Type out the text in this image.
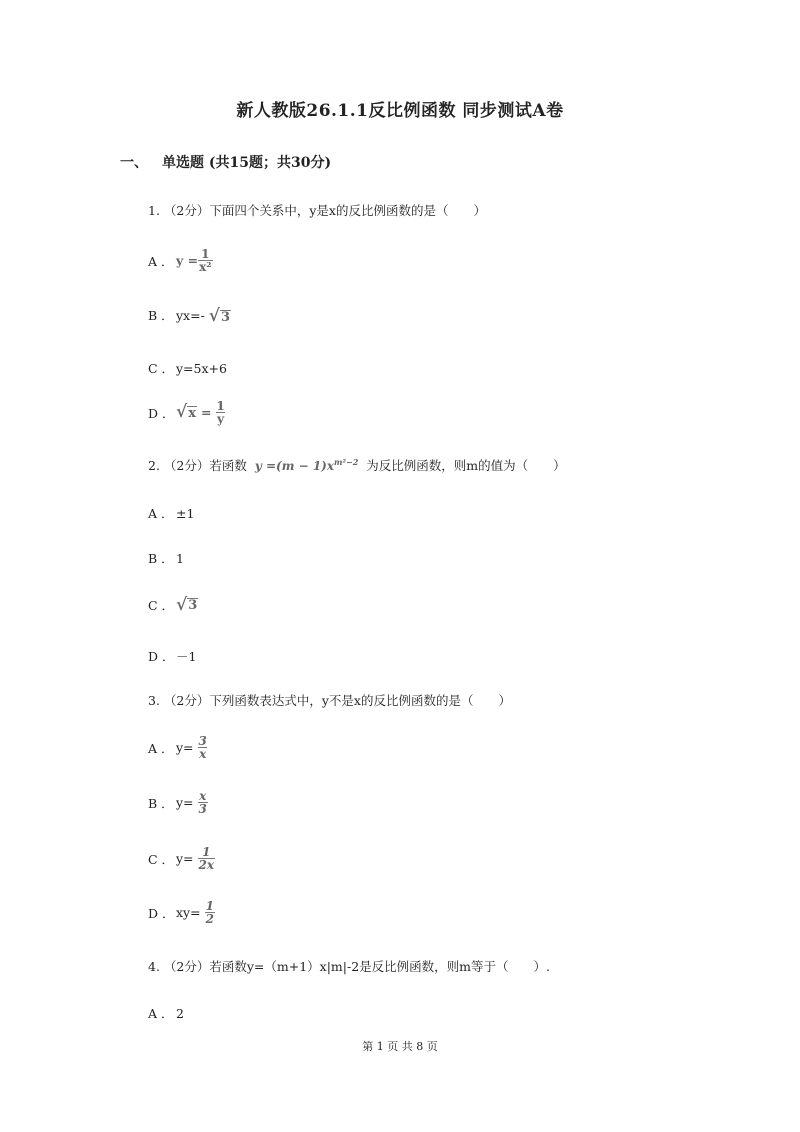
新人教版26.1.1反比例函数 同步测试A卷
一、 单选题 (共15题；共30分)
1. （2分）下面四个关系中，y是x的反比例函数的是（　　）
A ． $y = \frac{1}{\text{x²}}$
B ． yx=- √ 3
C ． y=5x+6
D ． √ $x = \frac{1}{y}$
2. （2分）若函数 $y =(m - 1)x^{m^2-2}$ 为反比例函数，则m的值为（　　）
A ． ±1
B ． 1
C ． √ 3
D ． －1
3. （2分）下列函数表达式中，y不是x的反比例函数的是（　　）
A ． $y= \frac{3}{x}$
B ． $y= \frac{x}{3}$
C ． $y= \frac{1}{2x}$
D ． $xy= \frac{1}{2}$
4. （2分）若函数y=（m+1）x|m|-2是反比例函数，则m等于（　　）.
A ． 2
第 1 页 共 8 页
